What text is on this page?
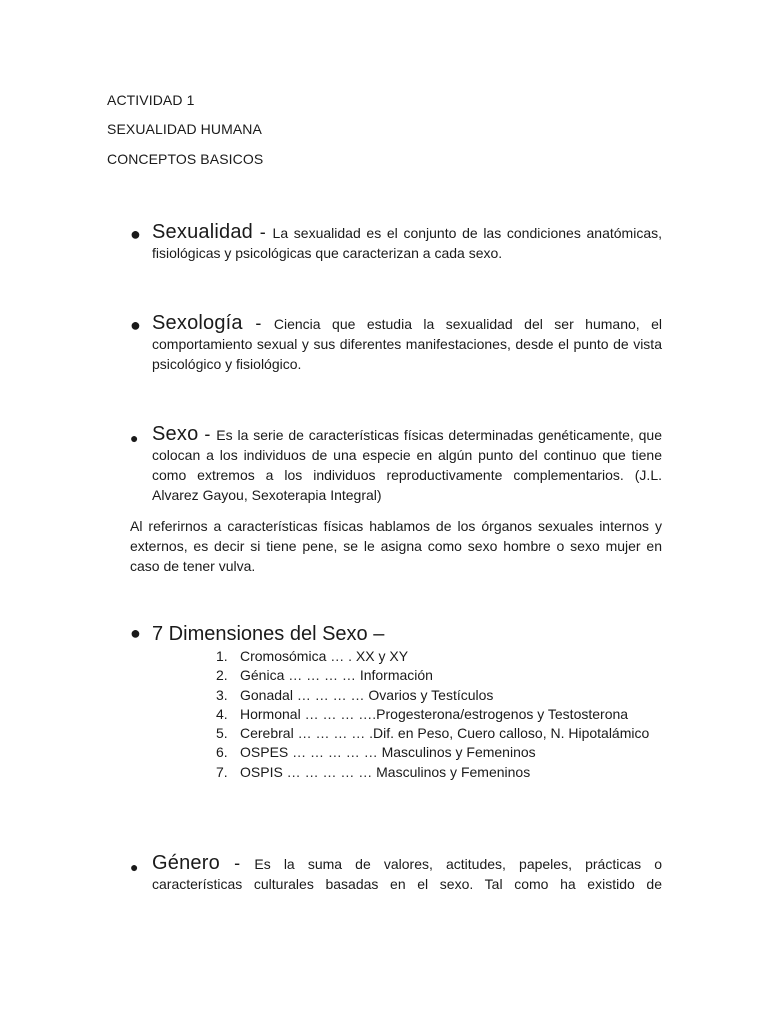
ACTIVIDAD 1
SEXUALIDAD HUMANA
CONCEPTOS BASICOS
● Sexualidad - La sexualidad es el conjunto de las condiciones anatómicas, fisiológicas y psicológicas que caracterizan a cada sexo.
● Sexología - Ciencia que estudia la sexualidad del ser humano, el comportamiento sexual y sus diferentes manifestaciones, desde el punto de vista psicológico y fisiológico.
● Sexo - Es la serie de características físicas determinadas genéticamente, que colocan a los individuos de una especie en algún punto del continuo que tiene como extremos a los individuos reproductivamente complementarios. (J.L. Alvarez Gayou, Sexoterapia Integral)
Al referirnos a características físicas hablamos de los órganos sexuales internos y externos, es decir si tiene pene, se le asigna como sexo hombre o sexo mujer en caso de tener vulva.
● 7 Dimensiones del Sexo –
1. Cromosómica … . XX y XY
2. Génica … … … … Información
3. Gonadal … … … … Ovarios y Testículos
4. Hormonal … … … ….Progesterona/estrogenos y Testosterona
5. Cerebral … … … … .Dif. en Peso, Cuero calloso, N. Hipotalámico
6. OSPES … … … … … Masculinos y Femeninos
7. OSPIS … … … … … Masculinos y Femeninos
● Género - Es la suma de valores, actitudes, papeles, prácticas o características culturales basadas en el sexo. Tal como ha existido de
